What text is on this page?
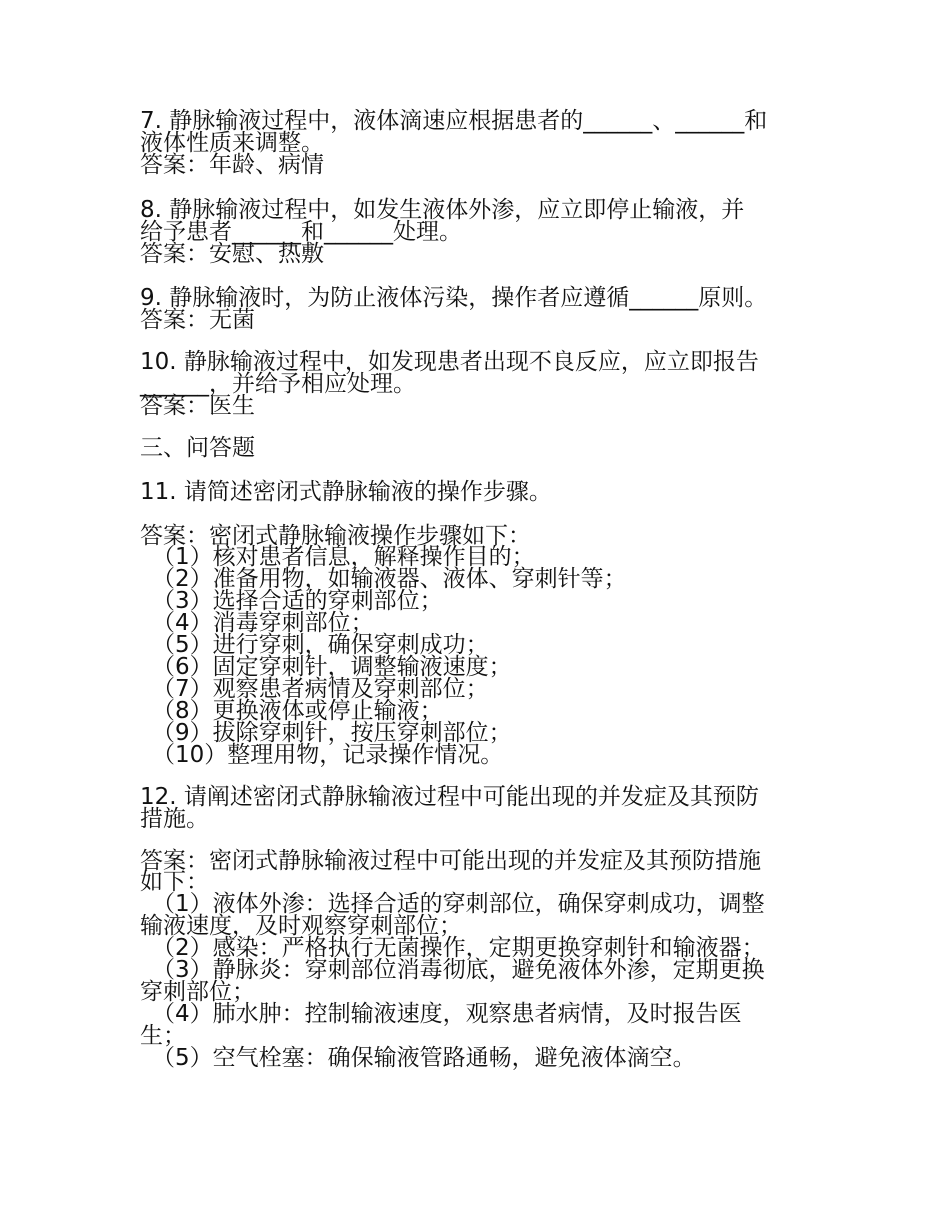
7. 静脉输液过程中，液体滴速应根据患者的______、______和

液体性质来调整。

答案：年龄、病情

8. 静脉输液过程中，如发生液体外渗，应立即停止输液，并

给予患者______和______处理。

答案：安慰、热敷

9. 静脉输液时，为防止液体污染，操作者应遵循______原则。

答案：无菌

10. 静脉输液过程中，如发现患者出现不良反应，应立即报告

______，并给予相应处理。

答案：医生

三、问答题

11. 请简述密闭式静脉输液的操作步骤。

答案：密闭式静脉输液操作步骤如下：

（1）核对患者信息，解释操作目的；

（2）准备用物，如输液器、液体、穿刺针等；

（3）选择合适的穿刺部位；

（4）消毒穿刺部位；

（5）进行穿刺，确保穿刺成功；

（6）固定穿刺针，调整输液速度；

（7）观察患者病情及穿刺部位；

（8）更换液体或停止输液；

（9）拔除穿刺针，按压穿刺部位；

（10）整理用物，记录操作情况。

12. 请阐述密闭式静脉输液过程中可能出现的并发症及其预防

措施。

答案：密闭式静脉输液过程中可能出现的并发症及其预防措施

如下：

（1）液体外渗：选择合适的穿刺部位，确保穿刺成功，调整

输液速度，及时观察穿刺部位；

（2）感染：严格执行无菌操作，定期更换穿刺针和输液器；

（3）静脉炎：穿刺部位消毒彻底，避免液体外渗，定期更换

穿刺部位；

（4）肺水肿：控制输液速度，观察患者病情，及时报告医

生；

（5）空气栓塞：确保输液管路通畅，避免液体滴空。
